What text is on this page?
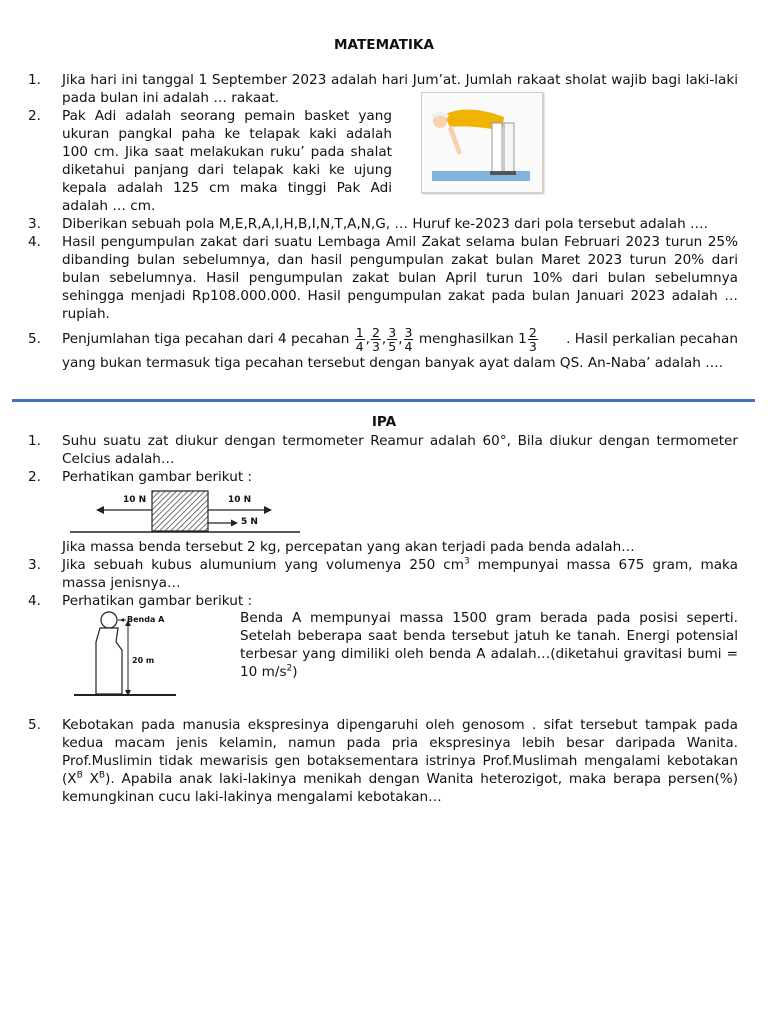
MATEMATIKA
1. Jika hari ini tanggal 1 September 2023 adalah hari Jum’at. Jumlah rakaat sholat wajib bagi laki-laki pada bulan ini adalah … rakaat.
2. Pak Adi adalah seorang pemain basket yang ukuran pangkal paha ke telapak kaki adalah 100 cm. Jika saat melakukan ruku’ pada shalat diketahui panjang dari telapak kaki ke ujung kepala adalah 125 cm maka tinggi Pak Adi adalah … cm.
3. Diberikan sebuah pola M,E,R,A,I,H,B,I,N,T,A,N,G, … Huruf ke-2023 dari pola tersebut adalah ….
4. Hasil pengumpulan zakat dari suatu Lembaga Amil Zakat selama bulan Februari 2023 turun 25% dibanding bulan sebelumnya, dan hasil pengumpulan zakat bulan Maret 2023 turun 20% dari bulan sebelumnya. Hasil pengumpulan zakat bulan April turun 10% dari bulan sebelumnya sehingga menjadi Rp108.000.000. Hasil pengumpulan zakat pada bulan Januari 2023 adalah … rupiah.
5. Penjumlahan tiga pecahan dari 4 pecahan $\frac{1}{4}$ , $\frac{2}{3}$ , $\frac{3}{5}$ , $\frac{3}{4}$ menghasilkan $1 \frac{2}{3}$ . Hasil perkalian pecahan
yang bukan termasuk tiga pecahan tersebut dengan banyak ayat dalam QS. An-Naba’ adalah ….
IPA
1. Suhu suatu zat diukur dengan termometer Reamur adalah 60°, Bila diukur dengan termometer Celcius adalah…
2. Perhatikan gambar berikut :
10 N	10 N
5 N
Jika massa benda tersebut 2 kg, percepatan yang akan terjadi pada benda adalah…
3. Jika sebuah kubus alumunium yang volumenya 250 $cm^3$ mempunyai massa 675 gram, maka massa jenisnya…
4. Perhatikan gambar berikut :
Benda A
20 m
Benda A mempunyai massa 1500 gram berada pada posisi seperti. Setelah beberapa saat benda tersebut jatuh ke tanah. Energi potensial terbesar yang dimiliki oleh benda A adalah…(diketahui gravitasi bumi = 10 $m/s^2$)
5. Kebotakan pada manusia ekspresinya dipengaruhi oleh genosom . sifat tersebut tampak pada kedua macam jenis kelamin, namun pada pria ekspresinya lebih besar daripada Wanita. Prof.Muslimin tidak mewarisis gen botaksementara istrinya Prof.Muslimah mengalami kebotakan ($X^B$ $X^B$). Apabila anak laki-lakinya menikah dengan Wanita heterozigot, maka berapa persen(%) kemungkinan cucu laki-lakinya mengalami kebotakan…
